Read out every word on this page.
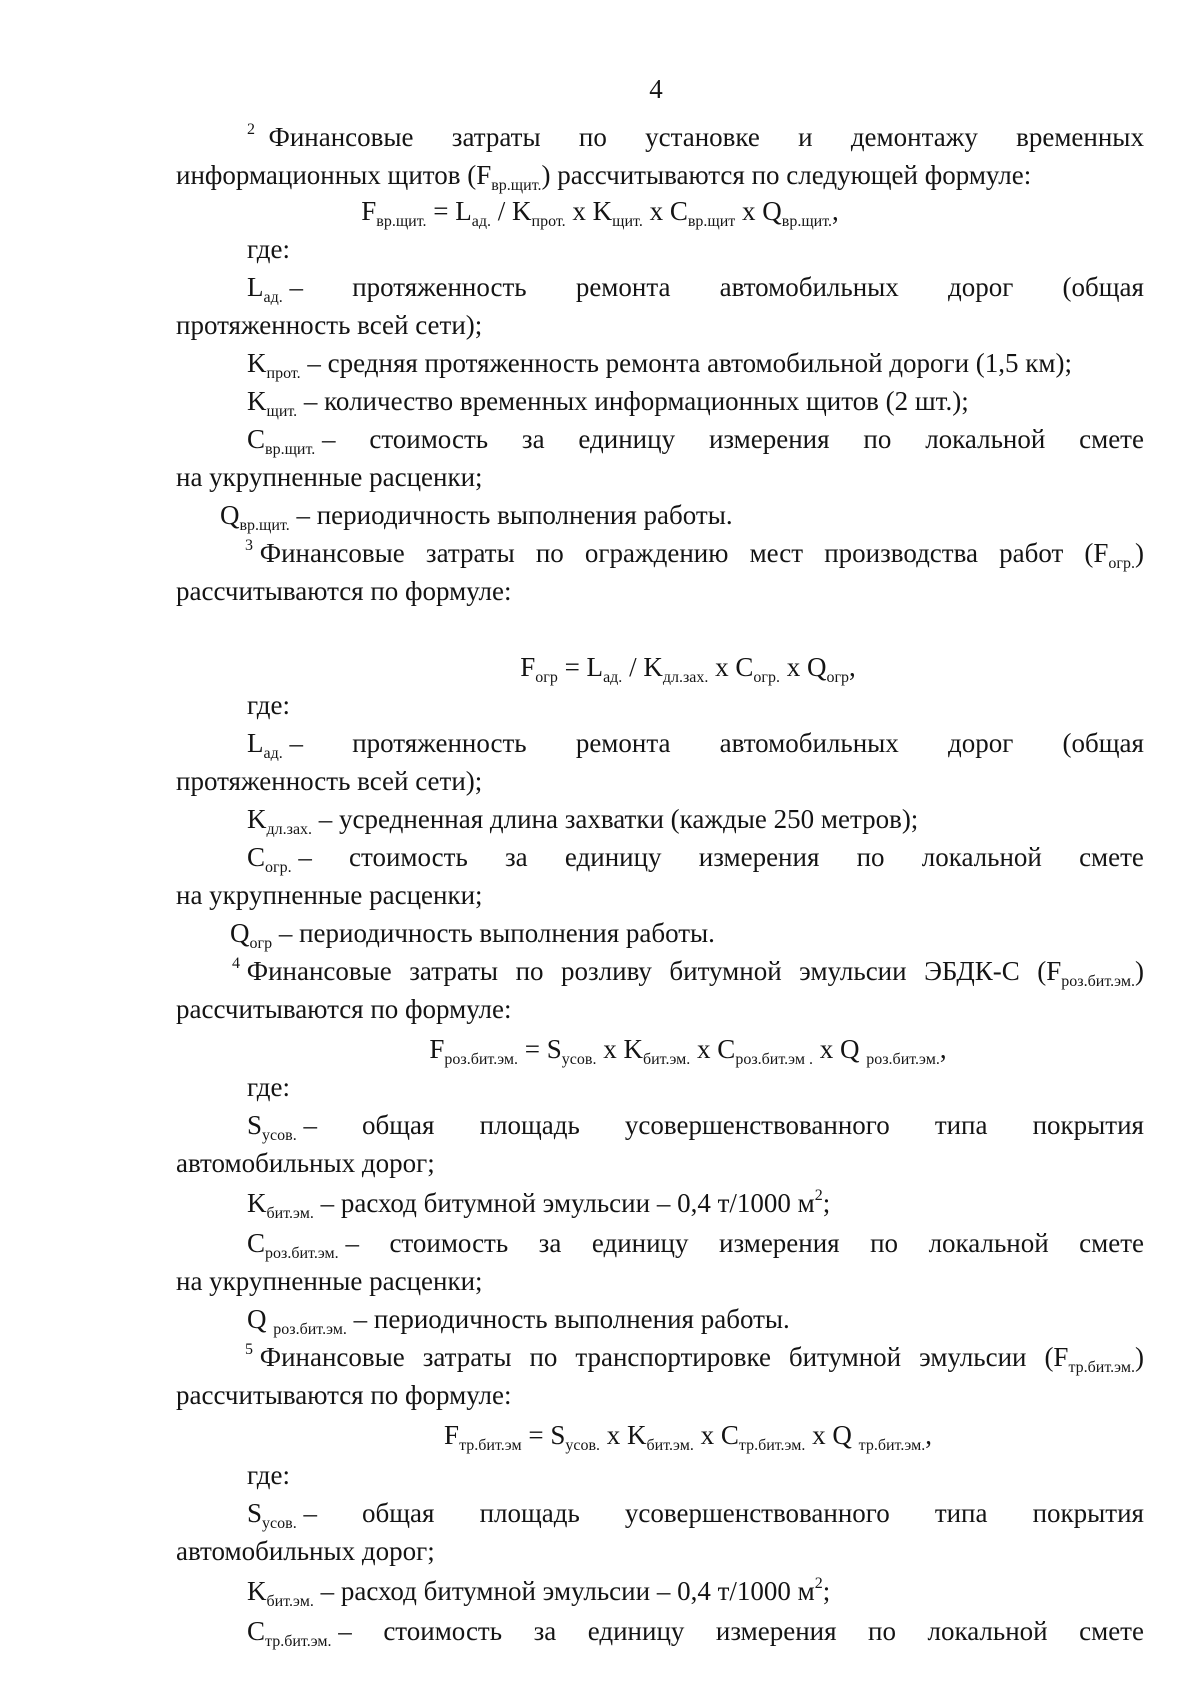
4
$^2$ Финансовые затраты по установке и демонтажу временных
информационных щитов $(F_{вр.щит.})$ рассчитываются по следующей формуле:
$F_{вр.щит.} = L_{ад.} / K_{прот.}$ х $K_{щит.}$ х $С_{вр.щит}$ х $Q_{вр.щит.}$,
где:
$L_{ад.}$ – протяженность ремонта автомобильных дорог (общая
протяженность всей сети);
$K_{прот.}$ – средняя протяженность ремонта автомобильной дороги (1,5 км);
$K_{щит.}$ – количество временных информационных щитов (2 шт.);
$С_{вр.щит.}$ – стоимость за единицу измерения по локальной смете
на укрупненные расценки;
$Q_{вр.щит.}$ – периодичность выполнения работы.
$^3$ Финансовые затраты по ограждению мест производства работ $(F_{огр.})$
рассчитываются по формуле:
$F_{огр} = L_{ад.} / K_{дл.зах.}$ х $С_{огр.}$ х $Q_{огр}$,
где:
$L_{ад.}$ – протяженность ремонта автомобильных дорог (общая
протяженность всей сети);
$K_{дл.зах.}$ – усредненная длина захватки (каждые 250 метров);
$С_{огр.}$ – стоимость за единицу измерения по локальной смете
на укрупненные расценки;
$Q_{огр}$ – периодичность выполнения работы.
$^4$ Финансовые затраты по розливу битумной эмульсии ЭБДК-С $(F_{роз.бит.эм.})$
рассчитываются по формуле:
$F_{роз.бит.эм.} = S_{усов.}$ х $K_{бит.эм.}$ х $С_{роз.бит.эм .}$ х Q $_{роз.бит.эм.}$,
где:
$S_{усов.}$ – общая площадь усовершенствованного типа покрытия
автомобильных дорог;
$K_{бит.эм.}$ – расход битумной эмульсии – 0,4 т/1000 $м^2$;
$С_{роз.бит.эм.}$ – стоимость за единицу измерения по локальной смете
на укрупненные расценки;
Q $_{роз.бит.эм.}$ – периодичность выполнения работы.
$^5$ Финансовые затраты по транспортировке битумной эмульсии $(F_{тр.бит.эм.})$
рассчитываются по формуле:
$F_{тр.бит.эм} = S_{усов.}$ х $K_{бит.эм.}$ х $С_{тр.бит.эм.}$ х Q $_{тр.бит.эм.}$,
где:
$S_{усов.}$ – общая площадь усовершенствованного типа покрытия
автомобильных дорог;
$K_{бит.эм.}$ – расход битумной эмульсии – 0,4 т/1000 $м^2$;
$С_{тр.бит.эм.}$ – стоимость за единицу измерения по локальной смете
